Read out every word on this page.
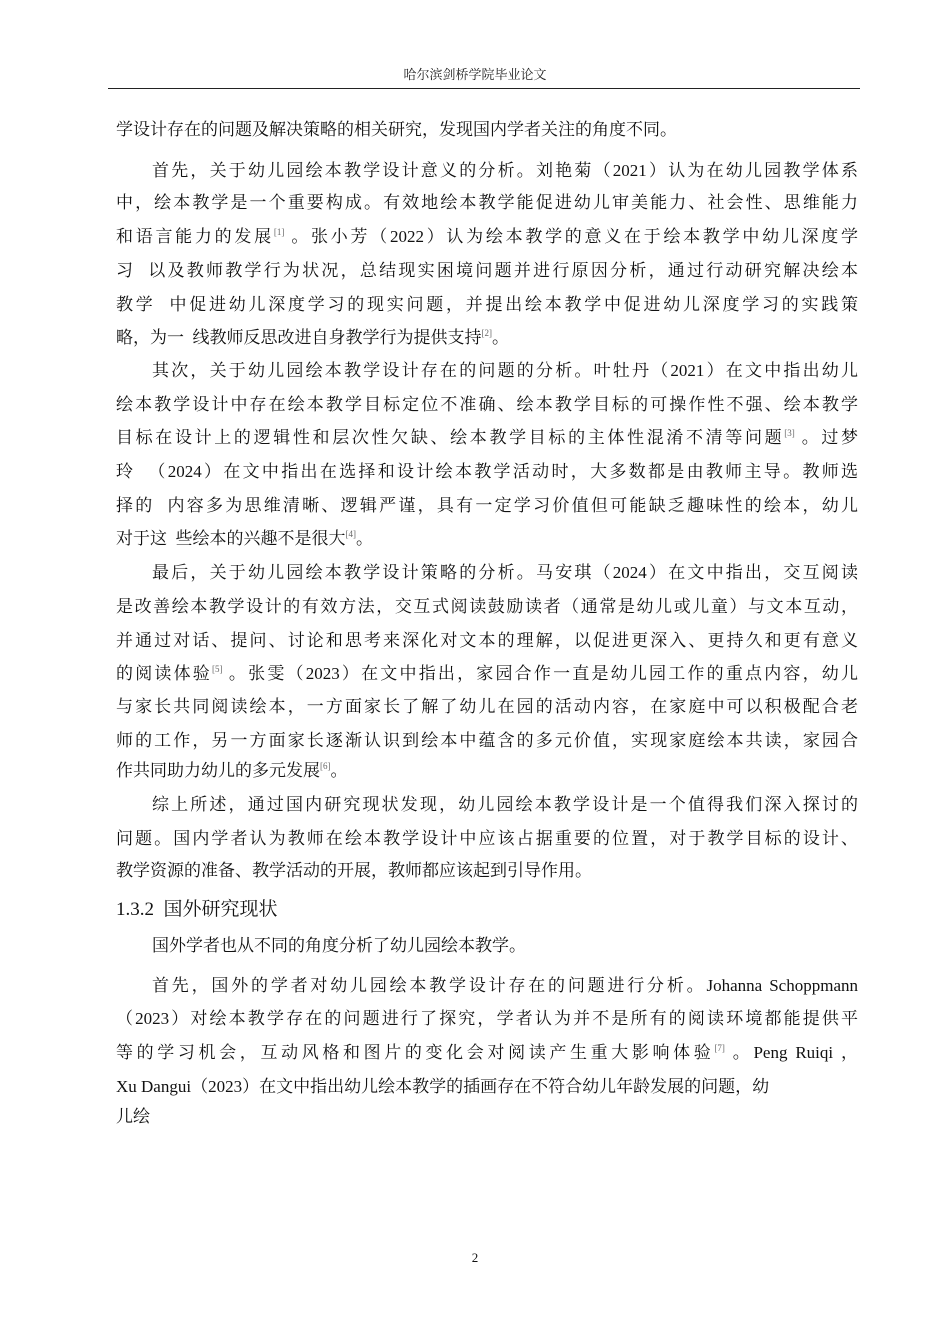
哈尔滨剑桥学院毕业论文
学设计存在的问题及解决策略的相关研究，发现国内学者关注的角度不同。
首先，关于幼儿园绘本教学设计意义的分析。刘艳菊（2021）认为在幼儿园教学体系
中，绘本教学是一个重要构成。有效地绘本教学能促进幼儿审美能力、社会性、思维能力
和语言能力的发展[1] 。张小芳（2022）认为绘本教学的意义在于绘本教学中幼儿深度学
习  以及教师教学行为状况，总结现实困境问题并进行原因分析，通过行动研究解决绘本
教学  中促进幼儿深度学习的现实问题，并提出绘本教学中促进幼儿深度学习的实践策
略，为一  线教师反思改进自身教学行为提供支持[2]。
其次，关于幼儿园绘本教学设计存在的问题的分析。叶牡丹（2021）在文中指出幼儿
绘本教学设计中存在绘本教学目标定位不准确、绘本教学目标的可操作性不强、绘本教学
目标在设计上的逻辑性和层次性欠缺、绘本教学目标的主体性混淆不清等问题[3] 。过梦
玲  （2024）在文中指出在选择和设计绘本教学活动时，大多数都是由教师主导。教师选
择的  内容多为思维清晰、逻辑严谨，具有一定学习价值但可能缺乏趣味性的绘本，幼儿
对于这  些绘本的兴趣不是很大[4]。
最后，关于幼儿园绘本教学设计策略的分析。马安琪（2024）在文中指出，交互阅读
是改善绘本教学设计的有效方法，交互式阅读鼓励读者（通常是幼儿或儿童）与文本互动，
并通过对话、提问、讨论和思考来深化对文本的理解，以促进更深入、更持久和更有意义
的阅读体验[5] 。张雯（2023）在文中指出，家园合作一直是幼儿园工作的重点内容，幼儿
与家长共同阅读绘本，一方面家长了解了幼儿在园的活动内容，在家庭中可以积极配合老
师的工作，另一方面家长逐渐认识到绘本中蕴含的多元价值，实现家庭绘本共读，家园合
作共同助力幼儿的多元发展[6]。
综上所述，通过国内研究现状发现，幼儿园绘本教学设计是一个值得我们深入探讨的
问题。国内学者认为教师在绘本教学设计中应该占据重要的位置，对于教学目标的设计、
教学资源的准备、教学活动的开展，教师都应该起到引导作用。
国外学者也从不同的角度分析了幼儿园绘本教学。
首先，国外的学者对幼儿园绘本教学设计存在的问题进行分析。Johanna Schoppmann
（2023）对绘本教学存在的问题进行了探究，学者认为并不是所有的阅读环境都能提供平
等的学习机会，互动风格和图片的变化会对阅读产生重大影响体验[7] 。Peng Ruiqi ，
Xu Dangui（2023）在文中指出幼儿绘本教学的插画存在不符合幼儿年龄发展的问题，幼
儿绘
1.3.2  国外研究现状
2
